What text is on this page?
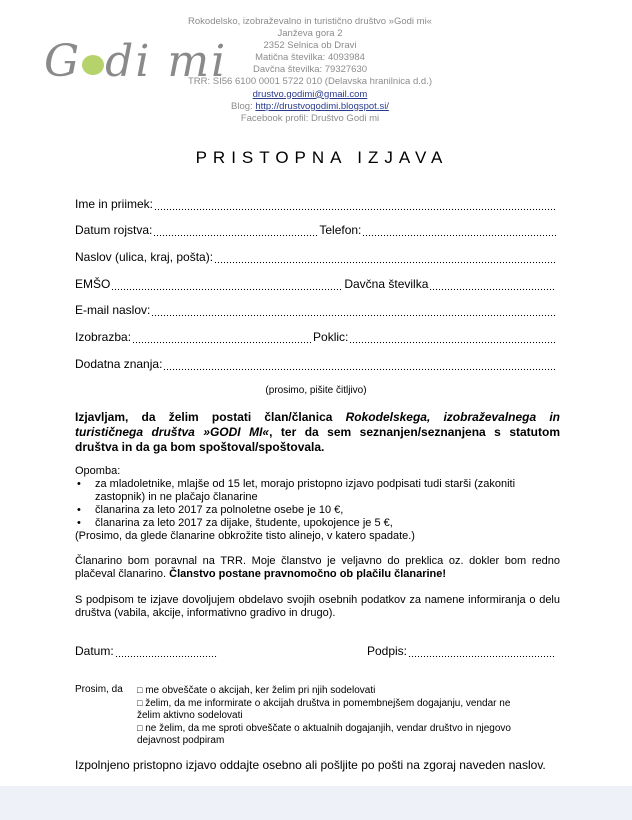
G di mi
Rokodelsko, izobraževalno in turistično društvo »Godi mi«
Janževa gora 2
2352 Selnica ob Dravi
Matična številka: 4093984
Davčna številka: 79327630
TRR: SI56 6100 0001 5722 010 (Delavska hranilnica d.d.)
drustvo.godimi@gmail.com
Blog: http://drustvogodimi.blogspot.si/
Facebook profil: Društvo Godi mi
PRISTOPNA IZJAVA
Ime in priimek:
Datum rojstva:	Telefon:
Naslov (ulica, kraj, pošta):
EMŠO	Davčna številka
E-mail naslov:
Izobrazba:	Poklic:
Dodatna znanja:
(prosimo, pišite čitljivo)
Izjavljam, da želim postati član/članica Rokodelskega, izobraževalnega in turističnega društva »GODI MI«, ter da sem seznanjen/seznanjena s statutom društva in da ga bom spoštoval/spoštovala.
Opomba:
• za mladoletnike, mlajše od 15 let, morajo pristopno izjavo podpisati tudi starši (zakoniti zastopnik) in ne plačajo članarine
• članarina za leto 2017 za polnoletne osebe je 10 €,
• članarina za leto 2017 za dijake, študente, upokojence je 5 €,
(Prosimo, da glede članarine obkrožite tisto alinejo, v katero spadate.)
Članarino bom poravnal na TRR. Moje članstvo je veljavno do preklica oz. dokler bom redno plačeval članarino. Članstvo postane pravnomočno ob plačilu članarine!
S podpisom te izjave dovoljujem obdelavo svojih osebnih podatkov za namene informiranja o delu društva (vabila, akcije, informativno gradivo in drugo).
Datum:	Podpis:
Prosim, da	□ me obveščate o akcijah, ker želim pri njih sodelovati
□ želim, da me informirate o akcijah društva in pomembnejšem dogajanju, vendar ne želim aktivno sodelovati
□ ne želim, da me sproti obveščate o aktualnih dogajanjih, vendar društvo in njegovo dejavnost podpiram
Izpolnjeno pristopno izjavo oddajte osebno ali pošljite po pošti na zgoraj naveden naslov.
